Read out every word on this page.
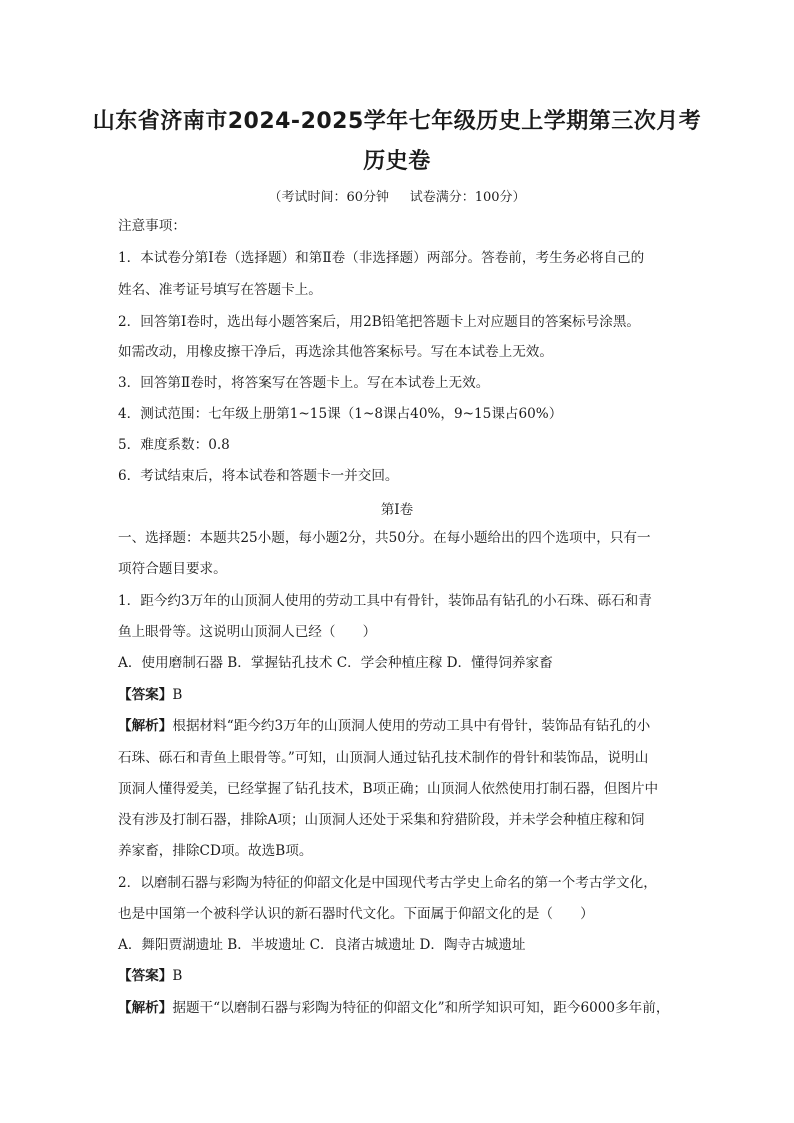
山东省济南市2024-2025学年七年级历史上学期第三次月考
历史卷
（考试时间：60分钟     试卷满分：100分）
注意事项：
1．本试卷分第Ⅰ卷（选择题）和第Ⅱ卷（非选择题）两部分。答卷前，考生务必将自己的
姓名、准考证号填写在答题卡上。
2．回答第Ⅰ卷时，选出每小题答案后，用2B铅笔把答题卡上对应题目的答案标号涂黑。
如需改动，用橡皮擦干净后，再选涂其他答案标号。写在本试卷上无效。
3．回答第Ⅱ卷时，将答案写在答题卡上。写在本试卷上无效。
4．测试范围：七年级上册第1~15课（1~8课占40%，9~15课占60%）
5．难度系数：0.8
6．考试结束后，将本试卷和答题卡一并交回。
第Ⅰ卷
一、选择题：本题共25小题，每小题2分，共50分。在每小题给出的四个选项中，只有一
项符合题目要求。
1．距今约3万年的山顶洞人使用的劳动工具中有骨针，装饰品有钻孔的小石珠、砾石和青
鱼上眼骨等。这说明山顶洞人已经（　　）
A．使用磨制石器 B．掌握钻孔技术 C．学会种植庄稼 D．懂得饲养家畜
【答案】B
【解析】根据材料“距今约3万年的山顶洞人使用的劳动工具中有骨针，装饰品有钻孔的小
石珠、砾石和青鱼上眼骨等。”可知，山顶洞人通过钻孔技术制作的骨针和装饰品，说明山
顶洞人懂得爱美，已经掌握了钻孔技术，B项正确；山顶洞人依然使用打制石器，但图片中
没有涉及打制石器，排除A项；山顶洞人还处于采集和狩猎阶段，并未学会种植庄稼和饲
养家畜，排除CD项。故选B项。
2．以磨制石器与彩陶为特征的仰韶文化是中国现代考古学史上命名的第一个考古学文化，
也是中国第一个被科学认识的新石器时代文化。下面属于仰韶文化的是（　　）
A．舞阳贾湖遗址 B．半坡遗址 C．良渚古城遗址 D．陶寺古城遗址
【答案】B
【解析】据题干“以磨制石器与彩陶为特征的仰韶文化”和所学知识可知，距今6000多年前，
